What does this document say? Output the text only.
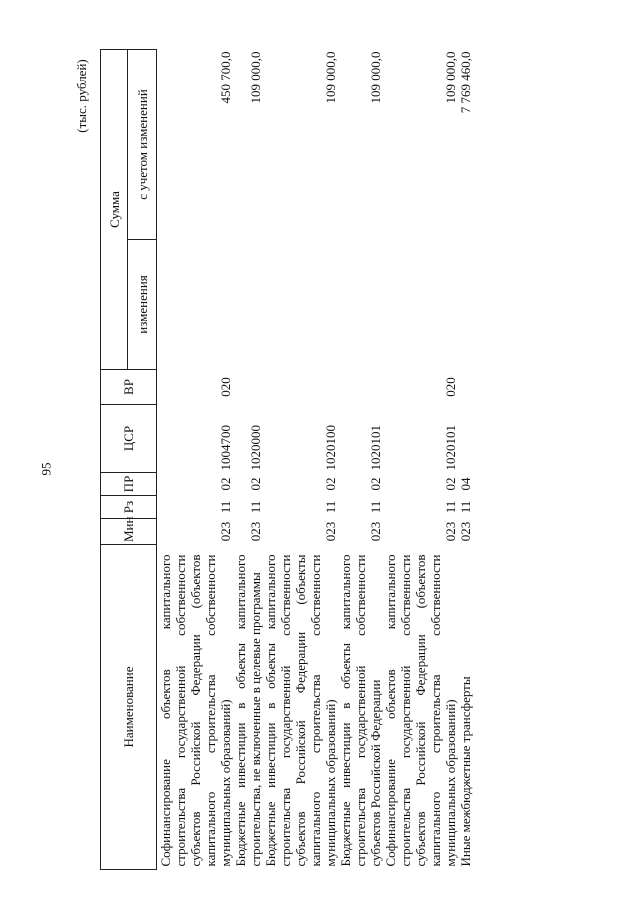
95
(тыс. рублей)
Наименование	Мин	Рз	ПР	ЦСР	ВР	Сумма	
						изменения	с учетом изменений
Софинансирование объектов капитального строительства государственной собственности субъектов Российской Федерации (объектов капитального строительства собственности муниципальных образований)	023	11	02	1004700	020		450 700,0
Бюджетные инвестиции в объекты капитального строительства, не включенные в целевые программы	023	11	02	1020000			109 000,0
Бюджетные инвестиции в объекты капитального строительства государственной собственности субъектов Российской Федерации (объекты капитального строительства собственности муниципальных образований)	023	11	02	1020100			109 000,0
Бюджетные инвестиции в объекты капитального строительства государственной собственности субъектов Российской Федерации	023	11	02	1020101			109 000,0
Софинансирование объектов капитального строительства государственной собственности субъектов Российской Федерации (объектов капитального строительства собственности муниципальных образований)	023	11	02	1020101	020		109 000,0
Иные межбюджетные трансферты	023	11	04				7 769 460,0
